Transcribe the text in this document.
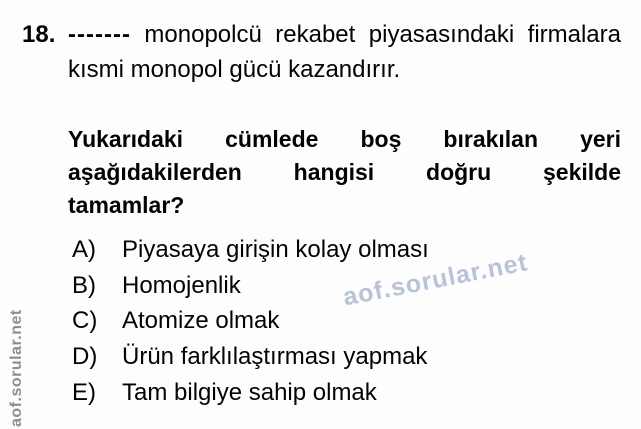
aof.sorular.net
aof.sorular.net
18. ------- monopolcü rekabet piyasasındaki firmalara
kısmi monopol gücü kazandırır.
Yukarıdaki cümlede boş bırakılan yeri
aşağıdakilerden hangisi doğru şekilde
tamamlar?
A)	Piyasaya girişin kolay olması
B)	Homojenlik
C)	Atomize olmak
D)	Ürün farklılaştırması yapmak
E)	Tam bilgiye sahip olmak
